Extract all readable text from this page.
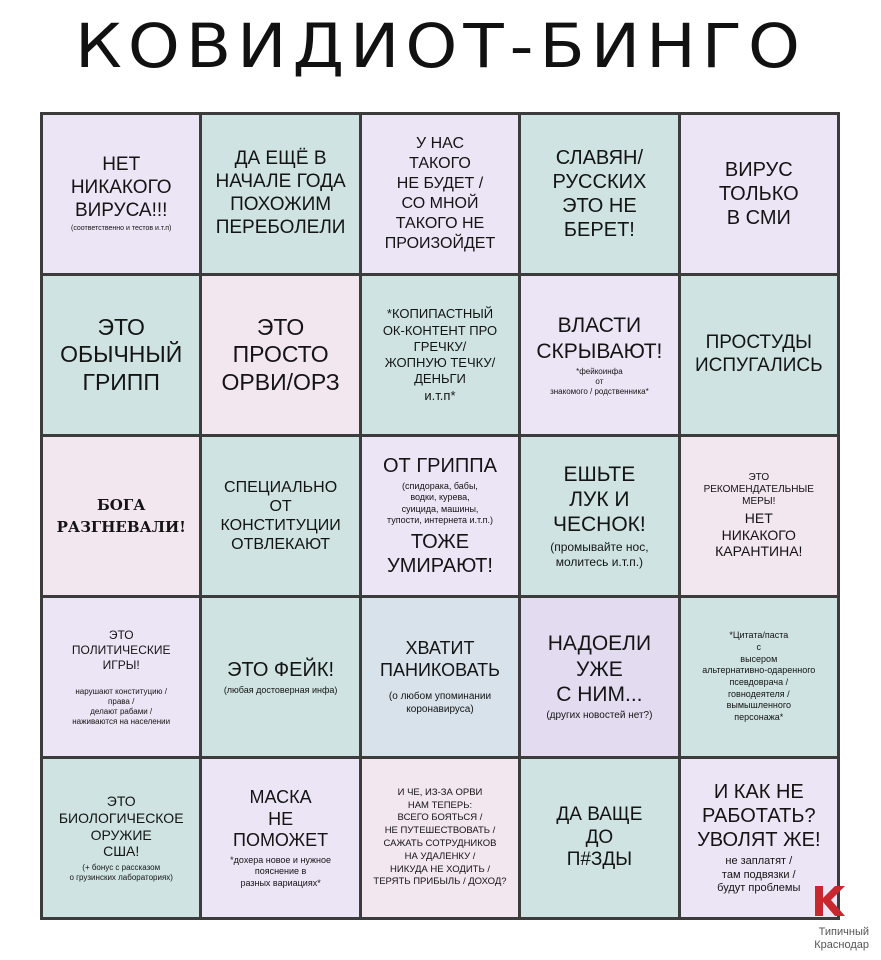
КОВИДИОТ-БИНГО
НЕТ
НИКАКОГО
ВИРУСА!!!
(соответственно и тестов и.т.п)
ДА ЕЩЁ В
НАЧАЛЕ ГОДА
ПОХОЖИМ
ПЕРЕБОЛЕЛИ
У НАС
ТАКОГО
НЕ БУДЕТ /
СО МНОЙ
ТАКОГО НЕ
ПРОИЗОЙДЕТ
СЛАВЯН/
РУССКИХ
ЭТО НЕ
БЕРЕТ!
ВИРУС
ТОЛЬКО
В СМИ
ЭТО
ОБЫЧНЫЙ
ГРИПП
ЭТО
ПРОСТО
ОРВИ/ОРЗ
*КОПИПАСТНЫЙ
ОК-КОНТЕНТ ПРО
ГРЕЧКУ/
ЖОПНУЮ ТЕЧКУ/
ДЕНЬГИ
и.т.п*
ВЛАСТИ
СКРЫВАЮТ!
*фейкоинфа
от
знакомого / родственника*
ПРОСТУДЫ
ИСПУГАЛИСЬ
БОГА
РАЗГНЕВАЛИ!
СПЕЦИАЛЬНО
ОТ
КОНСТИТУЦИИ
ОТВЛЕКАЮТ
ОТ ГРИППА
(спидорака, бабы,
водки, курева,
суицида, машины,
тупости, интернета и.т.п.)
ТОЖЕ
УМИРАЮТ!
ЕШЬТЕ
ЛУК И
ЧЕСНОК!
(промывайте нос,
молитесь и.т.п.)
ЭТО
РЕКОМЕНДАТЕЛЬНЫЕ
МЕРЫ!
НЕТ
НИКАКОГО
КАРАНТИНА!
ЭТО
ПОЛИТИЧЕСКИЕ
ИГРЫ!
нарушают конституцию /
права /
делают рабами /
наживаются на населении
ЭТО ФЕЙК!
(любая достоверная инфа)
ХВАТИТ
ПАНИКОВАТЬ
(о любом упоминании
коронавируса)
НАДОЕЛИ
УЖЕ
С НИМ...
(других новостей нет?)
*Цитата/паста
с
высером
альтернативно-одаренного
псевдоврача /
говнодеятеля /
вымышленного
персонажа*
ЭТО
БИОЛОГИЧЕСКОЕ
ОРУЖИЕ
США!
(+ бонус с рассказом
о грузинских лабораториях)
МАСКА
НЕ
ПОМОЖЕТ
*дохера новое и нужное
пояснение в
разных вариациях*
И ЧЕ, ИЗ-ЗА ОРВИ
НАМ ТЕПЕРЬ:
ВСЕГО БОЯТЬСЯ /
НЕ ПУТЕШЕСТВОВАТЬ /
САЖАТЬ СОТРУДНИКОВ
НА УДАЛЕНКУ /
НИКУДА НЕ ХОДИТЬ /
ТЕРЯТЬ ПРИБЫЛЬ / ДОХОД?
ДА ВАЩЕ
ДО
П#ЗДЫ
И КАК НЕ
РАБОТАТЬ?
УВОЛЯТ ЖЕ!
не заплатят /
там подвязки /
будут проблемы
Типичный
Краснодар
